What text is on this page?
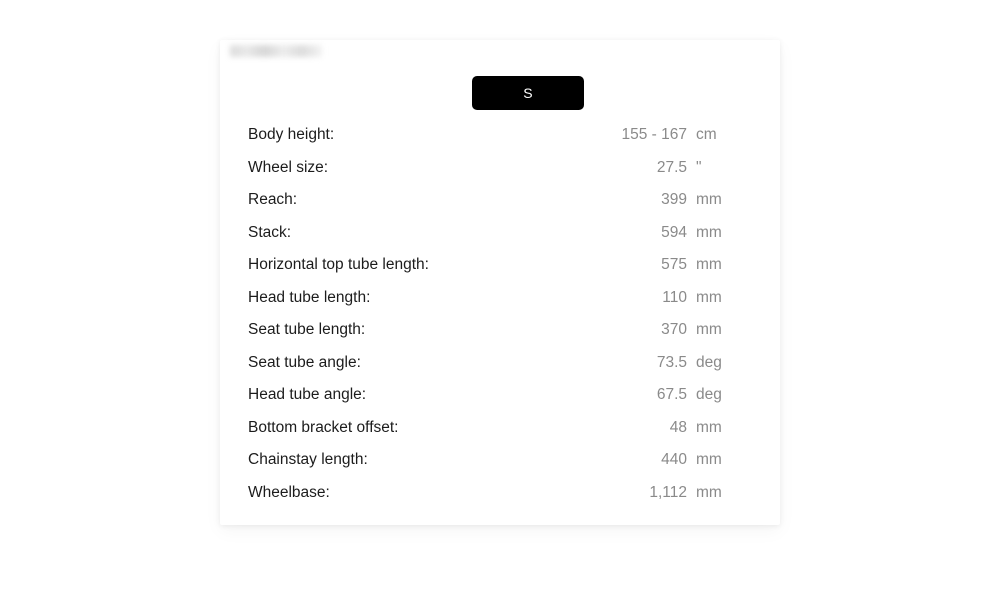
S
Body height:	155 - 167 cm
Wheel size:	27.5 "
Reach:	399 mm
Stack:	594 mm
Horizontal top tube length:	575 mm
Head tube length:	110 mm
Seat tube length:	370 mm
Seat tube angle:	73.5 deg
Head tube angle:	67.5 deg
Bottom bracket offset:	48 mm
Chainstay length:	440 mm
Wheelbase:	1,112 mm
